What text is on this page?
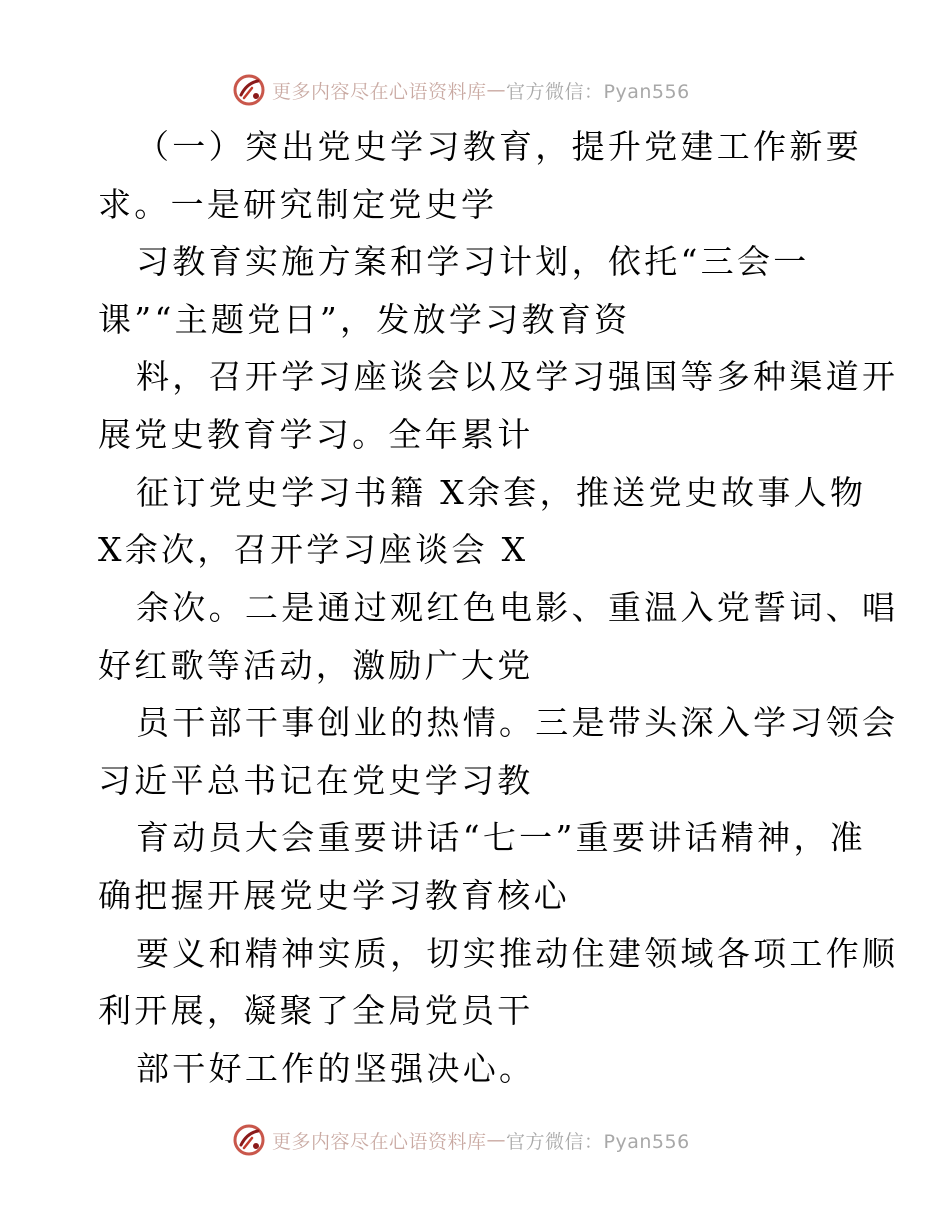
更多内容尽在心语资料库 — 官方微信：Pyan556
（一）突出党史学习教育，提升党建工作新要
求。一是研究制定党史学
习教育实施方案和学习计划，依托“三会一
课”“主题党日”，发放学习教育资
料，召开学习座谈会以及学习强国等多种渠道开
展党史教育学习。全年累计
征订党史学习书籍 X余套，推送党史故事人物
X余次，召开学习座谈会 X
余次。二是通过观红色电影、重温入党誓词、唱
好红歌等活动，激励广大党
员干部干事创业的热情。三是带头深入学习领会
习近平总书记在党史学习教
育动员大会重要讲话“七一”重要讲话精神，准
确把握开展党史学习教育核心
要义和精神实质，切实推动住建领域各项工作顺
利开展，凝聚了全局党员干
部干好工作的坚强决心。
更多内容尽在心语资料库 — 官方微信：Pyan556
